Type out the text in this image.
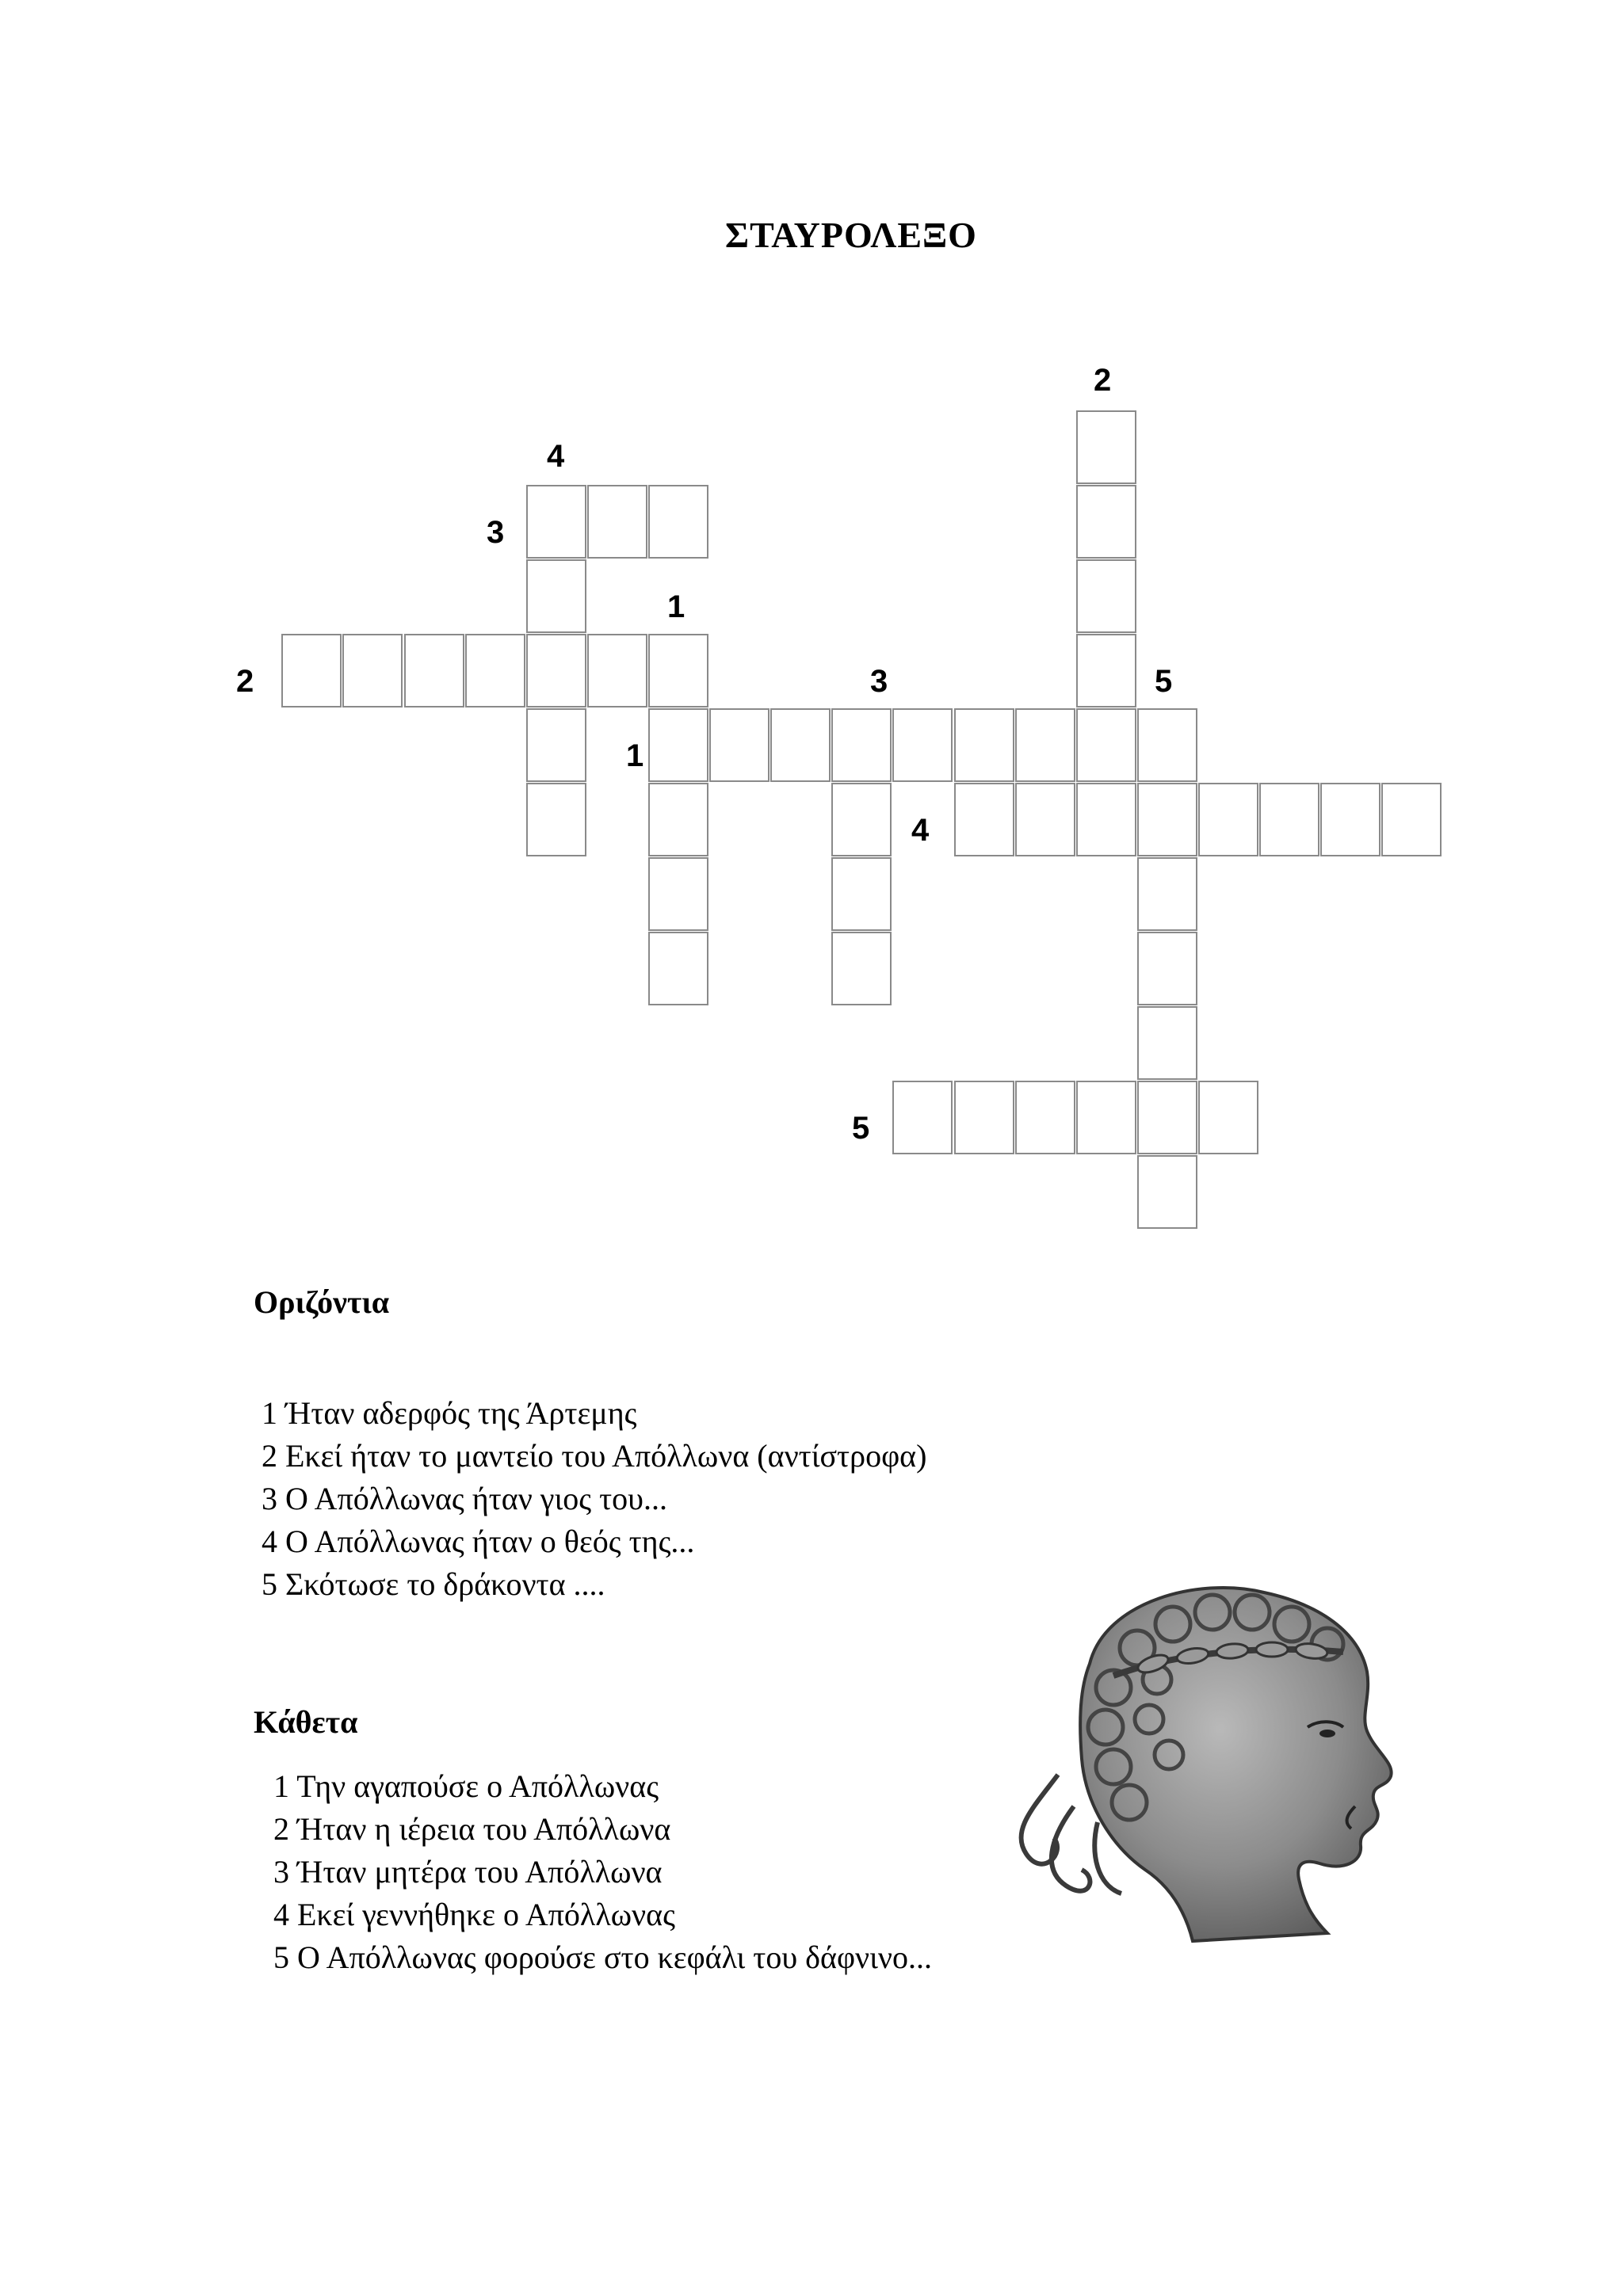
ΣΤΑΥΡΟΛΕΞΟ
2
4
3
1
2	3	5
1
4
5
Οριζόντια
1 Ήταν αδερφός της Άρτεμης
2 Εκεί ήταν το μαντείο του Απόλλωνα (αντίστροφα)
3 Ο Απόλλωνας ήταν γιος του...
4 Ο Απόλλωνας ήταν ο θεός της...
5 Σκότωσε το δράκοντα ....
Κάθετα
1 Την αγαπούσε ο Απόλλωνας
2 Ήταν η ιέρεια του Απόλλωνα
3 Ήταν μητέρα του Απόλλωνα
4 Εκεί γεννήθηκε ο Απόλλωνας
5 Ο Απόλλωνας φορούσε στο κεφάλι του δάφνινο...
